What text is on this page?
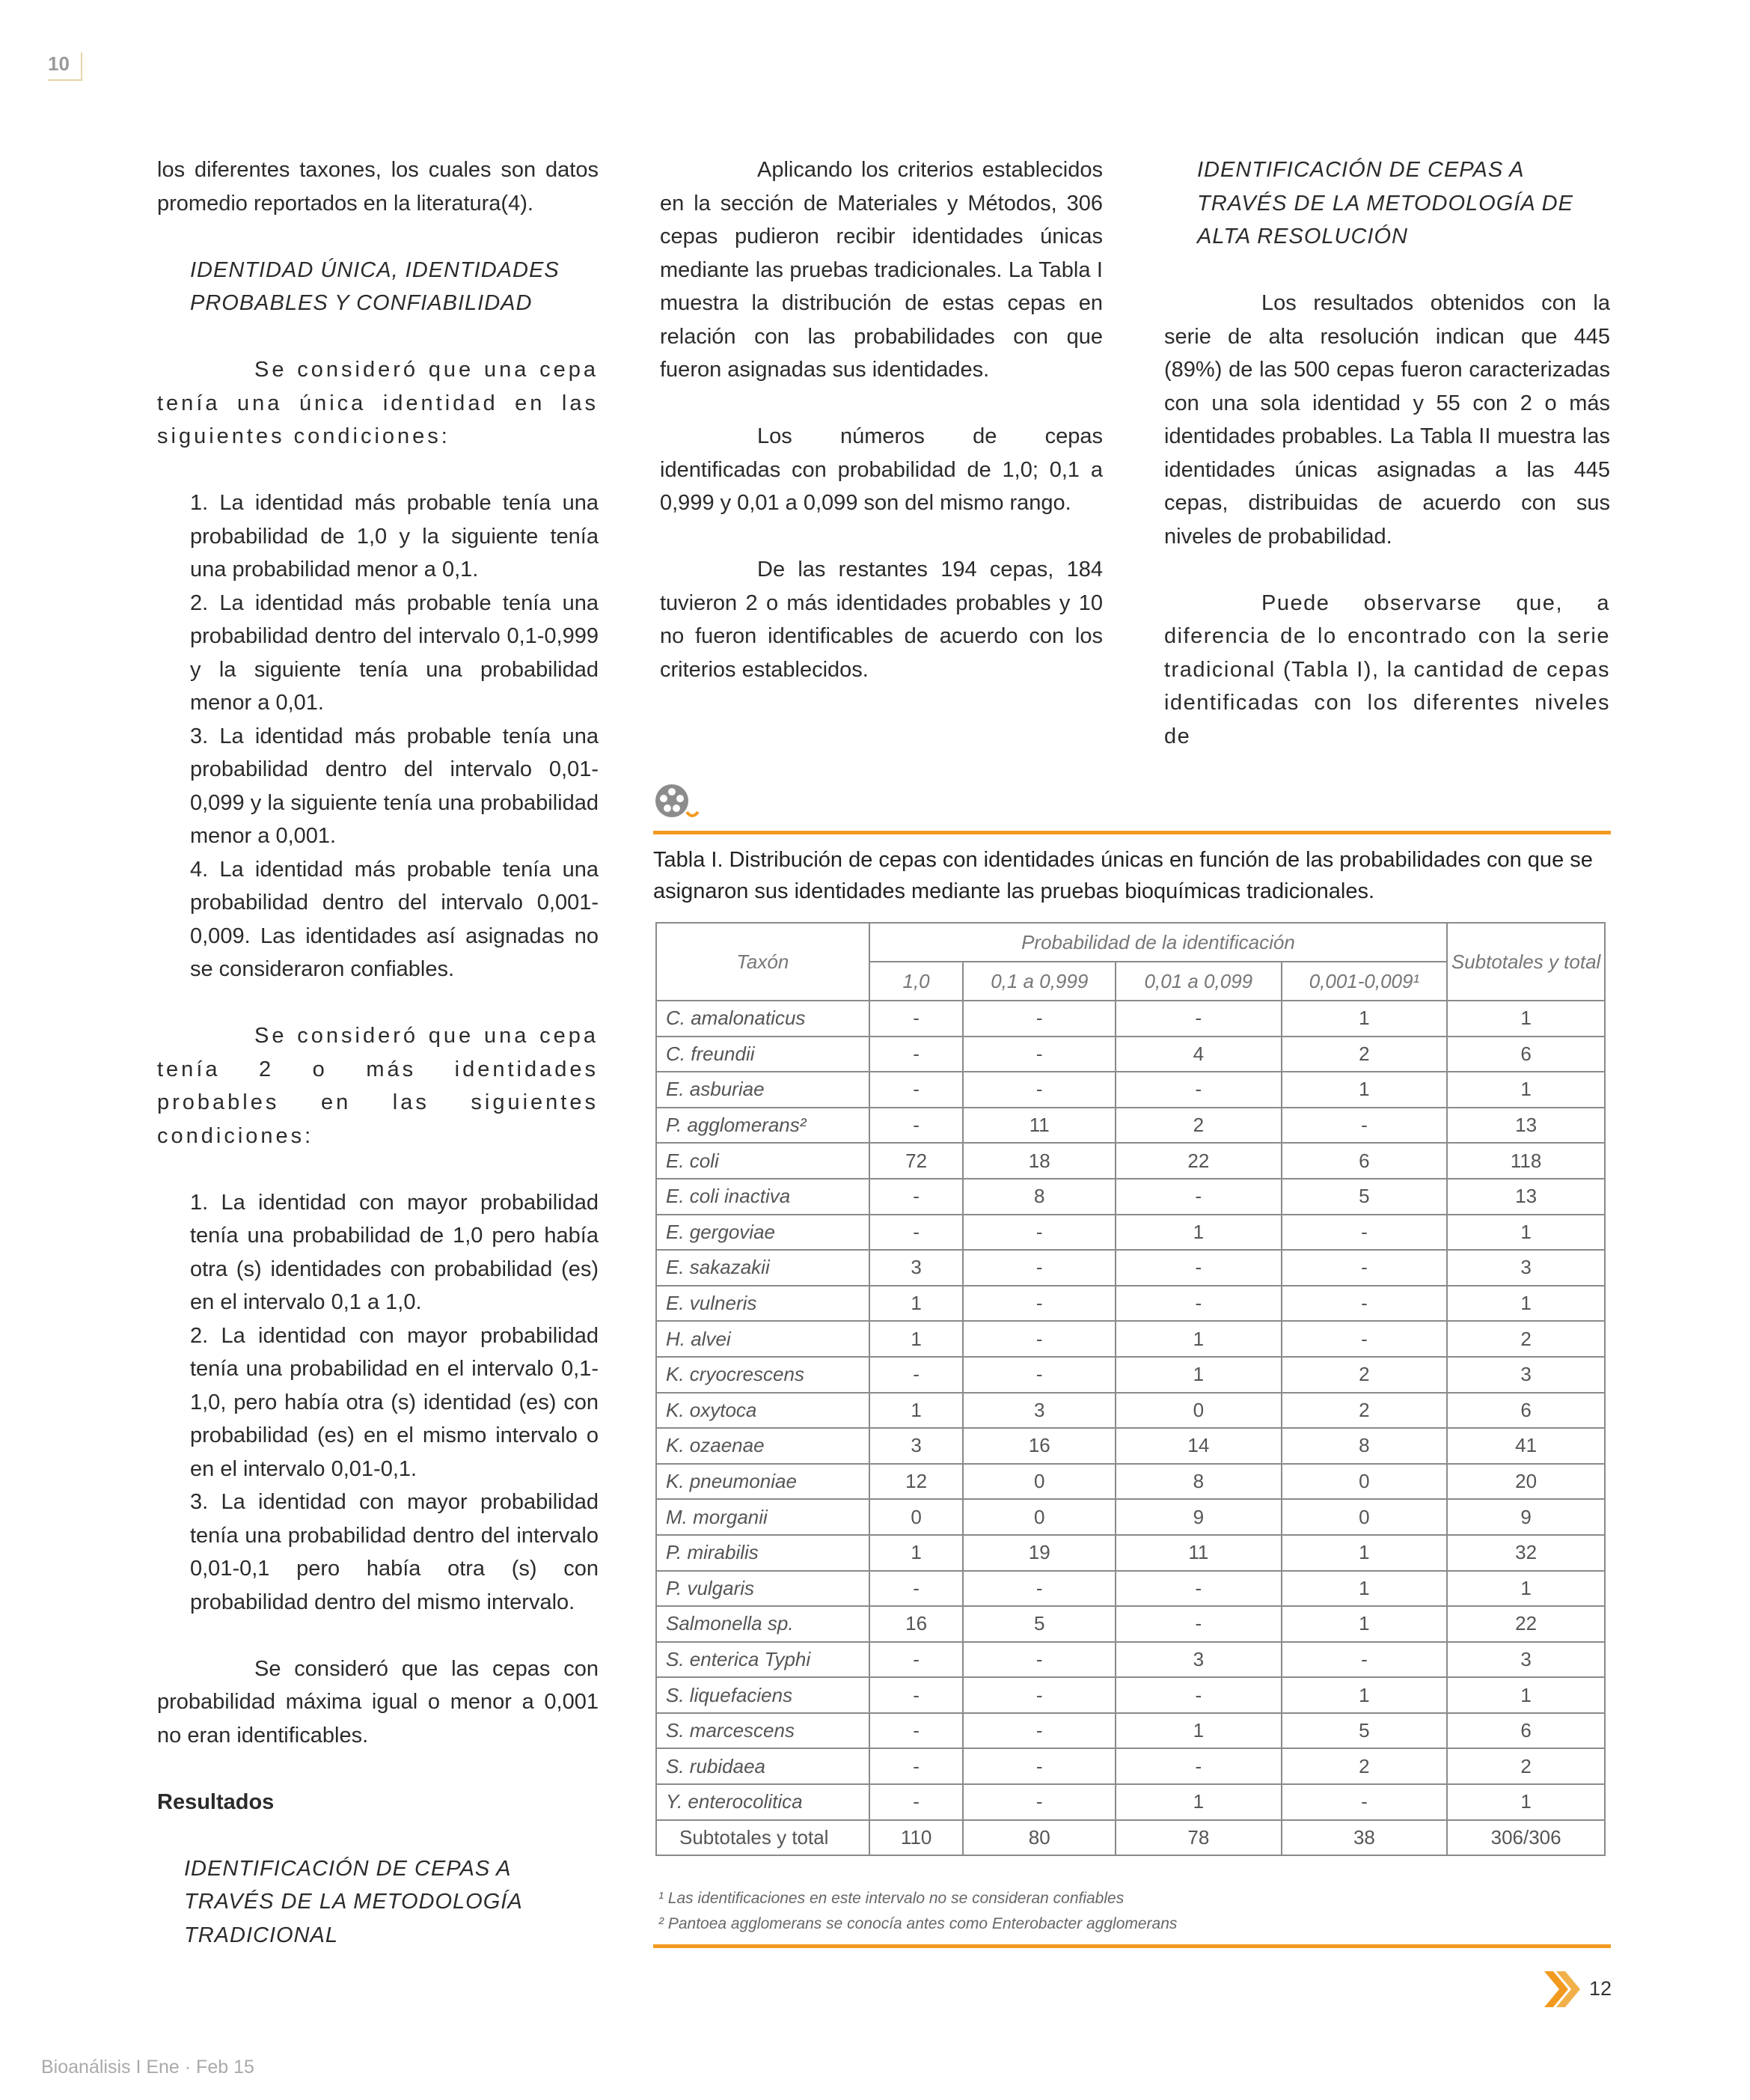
10

los diferentes taxones, los cuales son datos promedio reportados en la literatura(4).

IDENTIDAD ÚNICA, IDENTIDADES PROBABLES Y CONFIABILIDAD

Se consideró que una cepa tenía una única identidad en las siguientes condiciones:

1. La identidad más probable tenía una probabilidad de 1,0 y la siguiente tenía una probabilidad menor a 0,1.

2. La identidad más probable tenía una probabilidad dentro del intervalo 0,1-0,999 y la siguiente tenía una probabilidad menor a 0,01.

3. La identidad más probable tenía una probabilidad dentro del intervalo 0,01-0,099 y la siguiente tenía una probabilidad menor a 0,001.

4. La identidad más probable tenía una probabilidad dentro del intervalo 0,001-0,009. Las identidades así asignadas no se consideraron confiables.

Se consideró que una cepa tenía 2 o más identidades probables en las siguientes condiciones:

1. La identidad con mayor probabilidad tenía una probabilidad de 1,0 pero había otra (s) identidades con probabilidad (es) en el intervalo 0,1 a 1,0.

2. La identidad con mayor probabilidad tenía una probabilidad en el intervalo 0,1-1,0, pero había otra (s) identidad (es) con probabilidad (es) en el mismo intervalo o en el intervalo 0,01-0,1.

3. La identidad con mayor probabilidad tenía una probabilidad dentro del intervalo 0,01-0,1 pero había otra (s) con probabilidad dentro del mismo intervalo.

Se consideró que las cepas con probabilidad máxima igual o menor a 0,001 no eran identificables.

Resultados

IDENTIFICACIÓN DE CEPAS A TRAVÉS DE LA METODOLOGÍA TRADICIONAL

Aplicando los criterios establecidos en la sección de Materiales y Métodos, 306 cepas pudieron recibir identidades únicas mediante las pruebas tradicionales. La Tabla I muestra la distribución de estas cepas en relación con las probabilidades con que fueron asignadas sus identidades.

Los números de cepas identificadas con probabilidad de 1,0; 0,1 a 0,999 y 0,01 a 0,099 son del mismo rango.

De las restantes 194 cepas, 184 tuvieron 2 o más identidades probables y 10 no fueron identificables de acuerdo con los criterios establecidos.

IDENTIFICACIÓN DE CEPAS A TRAVÉS DE LA METODOLOGÍA DE ALTA RESOLUCIÓN

Los resultados obtenidos con la serie de alta resolución indican que 445 (89%) de las 500 cepas fueron caracterizadas con una sola identidad y 55 con 2 o más identidades probables. La Tabla II muestra las identidades únicas asignadas a las 445 cepas, distribuidas de acuerdo con sus niveles de probabilidad.

Puede observarse que, a diferencia de lo encontrado con la serie tradicional (Tabla I), la cantidad de cepas identificadas con los diferentes niveles de

Tabla I. Distribución de cepas con identidades únicas en función de las probabilidades con que se asignaron sus identidades mediante las pruebas bioquímicas tradicionales.
Taxón	Probabilidad de la identificación				Subtotales y total
	1,0	0,1 a 0,999	0,01 a 0,099	0,001-0,009¹	
C. amalonaticus	-	-	-	1	1
C. freundii	-	-	4	2	6
E. asburiae	-	-	-	1	1
P. agglomerans²	-	11	2	-	13
E. coli	72	18	22	6	118
E. coli inactiva	-	8	-	5	13
E. gergoviae	-	-	1	-	1
E. sakazakii	3	-	-	-	3
E. vulneris	1	-	-	-	1
H. alvei	1	-	1	-	2
K. cryocrescens	-	-	1	2	3
K. oxytoca	1	3	0	2	6
K. ozaenae	3	16	14	8	41
K. pneumoniae	12	0	8	0	20
M. morganii	0	0	9	0	9
P. mirabilis	1	19	11	1	32
P. vulgaris	-	-	-	1	1
Salmonella sp.	16	5	-	1	22
S. enterica Typhi	-	-	3	-	3
S. liquefaciens	-	-	-	1	1
S. marcescens	-	-	1	5	6
S. rubidaea	-	-	-	2	2
Y. enterocolitica	-	-	1	-	1
Subtotales y total	110	80	78	38	306/306
¹ Las identificaciones en este intervalo no se consideran confiables
² Pantoea agglomerans se conocía antes como Enterobacter agglomerans
12
Bioanálisis I Ene · Feb 15
